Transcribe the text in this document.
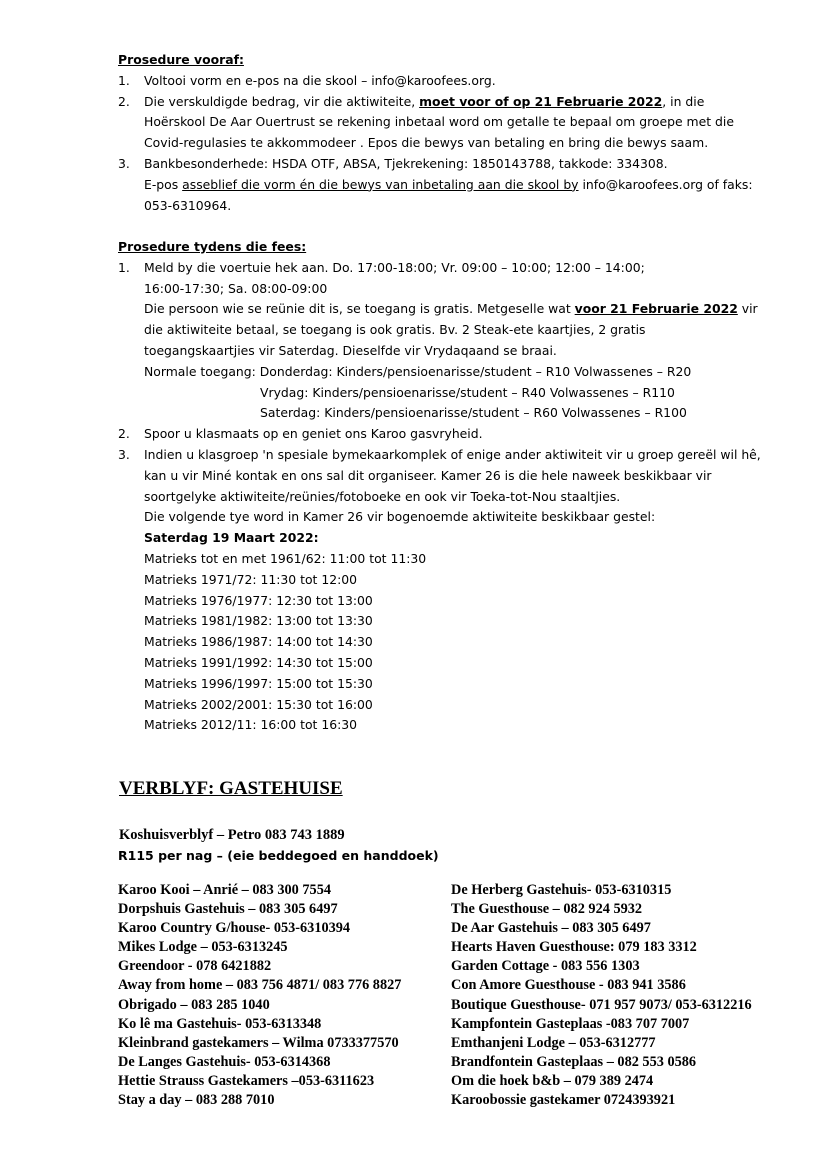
Prosedure vooraf:
1.	Voltooi vorm en e-pos na die skool – info@karoofees.org.
2.	Die verskuldigde bedrag, vir die aktiwiteite, moet voor of op 21 Februarie 2022, in die
Hoërskool De Aar Ouertrust se rekening inbetaal word om getalle te bepaal om groepe met die
Covid-regulasies te akkommodeer . Epos die bewys van betaling en bring die bewys saam.
3.	Bankbesonderhede: HSDA OTF, ABSA, Tjekrekening: 1850143788, takkode: 334308.
E-pos asseblief die vorm én die bewys van inbetaling aan die skool by info@karoofees.org of faks:
053-6310964.
Prosedure tydens die fees:
1.	Meld by die voertuie hek aan. Do. 17:00-18:00; Vr. 09:00 – 10:00; 12:00 – 14:00;
16:00-17:30; Sa. 08:00-09:00
Die persoon wie se reünie dit is, se toegang is gratis. Metgeselle wat voor 21 Februarie 2022 vir
die aktiwiteite betaal, se toegang is ook gratis. Bv. 2 Steak-ete kaartjies, 2 gratis
toegangskaartjies vir Saterdag. Dieselfde vir Vrydaqaand se braai.
Normale toegang: Donderdag: Kinders/pensioenarisse/student – R10 Volwassenes – R20
Vrydag: Kinders/pensioenarisse/student – R40 Volwassenes – R110
Saterdag: Kinders/pensioenarisse/student – R60 Volwassenes – R100
2.	Spoor u klasmaats op en geniet ons Karoo gasvryheid.
3.	Indien u klasgroep 'n spesiale bymekaarkomplek of enige ander aktiwiteit vir u groep gereël wil hê,
kan u vir Miné kontak en ons sal dit organiseer. Kamer 26 is die hele naweek beskikbaar vir
soortgelyke aktiwiteite/reünies/fotoboeke en ook vir Toeka-tot-Nou staaltjies.
Die volgende tye word in Kamer 26 vir bogenoemde aktiwiteite beskikbaar gestel:
Saterdag 19 Maart 2022:
Matrieks tot en met 1961/62: 11:00 tot 11:30
Matrieks 1971/72: 11:30 tot 12:00
Matrieks 1976/1977: 12:30 tot 13:00
Matrieks 1981/1982: 13:00 tot 13:30
Matrieks 1986/1987: 14:00 tot 14:30
Matrieks 1991/1992: 14:30 tot 15:00
Matrieks 1996/1997: 15:00 tot 15:30
Matrieks 2002/2001: 15:30 tot 16:00
Matrieks 2012/11: 16:00 tot 16:30
VERBLYF: GASTEHUISE
Koshuisverblyf – Petro 083 743 1889
R115 per nag – (eie beddegoed en handdoek)
Karoo Kooi – Anrié – 083 300 7554
Dorpshuis Gastehuis – 083 305 6497
Karoo Country G/house- 053-6310394
Mikes Lodge – 053-6313245
Greendoor - 078 6421882
Away from home – 083 756 4871/ 083 776 8827
Obrigado – 083 285 1040
Ko lê ma Gastehuis- 053-6313348
Kleinbrand gastekamers – Wilma 0733377570
De Langes Gastehuis- 053-6314368
Hettie Strauss Gastekamers –053-6311623
Stay a day – 083 288 7010
De Herberg Gastehuis- 053-6310315
The Guesthouse – 082 924 5932
De Aar Gastehuis – 083 305 6497
Hearts Haven Guesthouse: 079 183 3312
Garden Cottage - 083 556 1303
Con Amore Guesthouse - 083 941 3586
Boutique Guesthouse- 071 957 9073/ 053-6312216
Kampfontein Gasteplaas -083 707 7007
Emthanjeni Lodge – 053-6312777
Brandfontein Gasteplaas – 082 553 0586
Om die hoek b&b – 079 389 2474
Karoobossie gastekamer 0724393921
